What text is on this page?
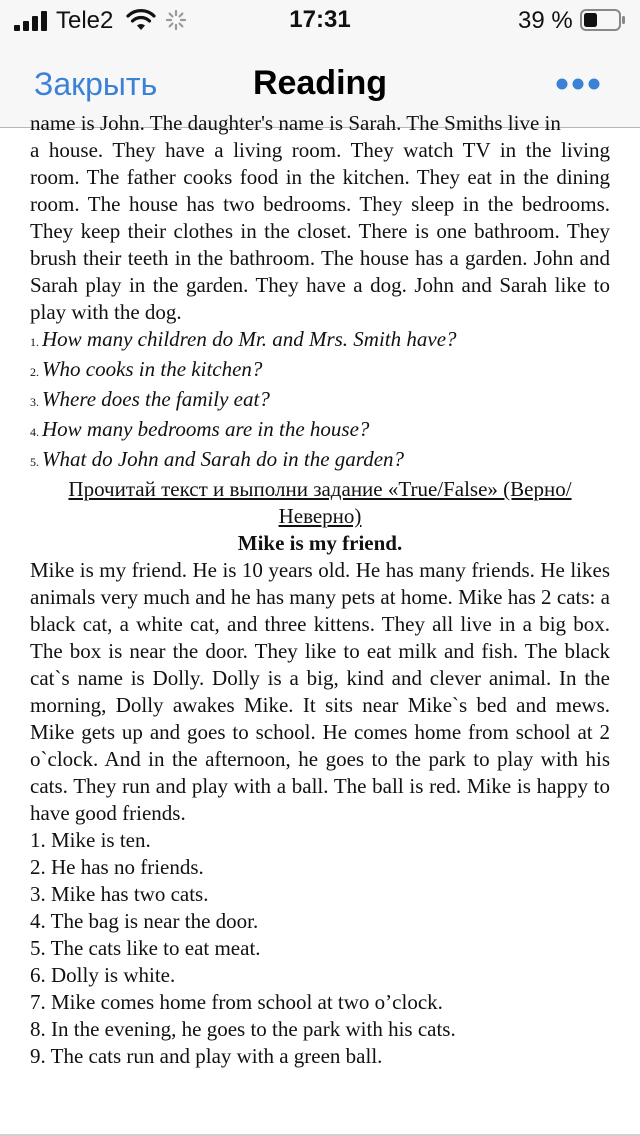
Tele2	17:31	39 %
Закрыть	Reading
name is John. The daughter's name is Sarah. The Smiths live in
a house. They have a living room. They watch TV in the living room. The father cooks food in the kitchen. They eat in the dining room. The house has two bedrooms. They sleep in the bedrooms. They keep their clothes in the closet. There is one bathroom. They brush their teeth in the bathroom. The house has a garden. John and Sarah play in the garden. They have a dog. John and Sarah like to play with the dog.
1. How many children do Mr. and Mrs. Smith have?
2. Who cooks in the kitchen?
3. Where does the family eat?
4. How many bedrooms are in the house?
5. What do John and Sarah do in the garden?
Прочитай текст и выполни задание «True/False» (Верно/ Неверно)
Mike is my friend.
Mike is my friend. He is 10 years old. He has many friends. He likes animals very much and he has many pets at home. Mike has 2 cats: a black cat, a white cat, and three kittens. They all live in a big box. The box is near the door. They like to eat milk and fish. The black cat`s name is Dolly. Dolly is a big, kind and clever animal. In the morning, Dolly awakes Mike. It sits near Mike`s bed and mews. Mike gets up and goes to school. He comes home from school at 2 o`clock. And in the afternoon, he goes to the park to play with his cats. They run and play with a ball. The ball is red. Mike is happy to have good friends.
1. Mike is ten.
2. He has no friends.
3. Mike has two cats.
4. The bag is near the door.
5. The cats like to eat meat.
6. Dolly is white.
7. Mike comes home from school at two o’clock.
8. In the evening, he goes to the park with his cats.
9. The cats run and play with a green ball.
